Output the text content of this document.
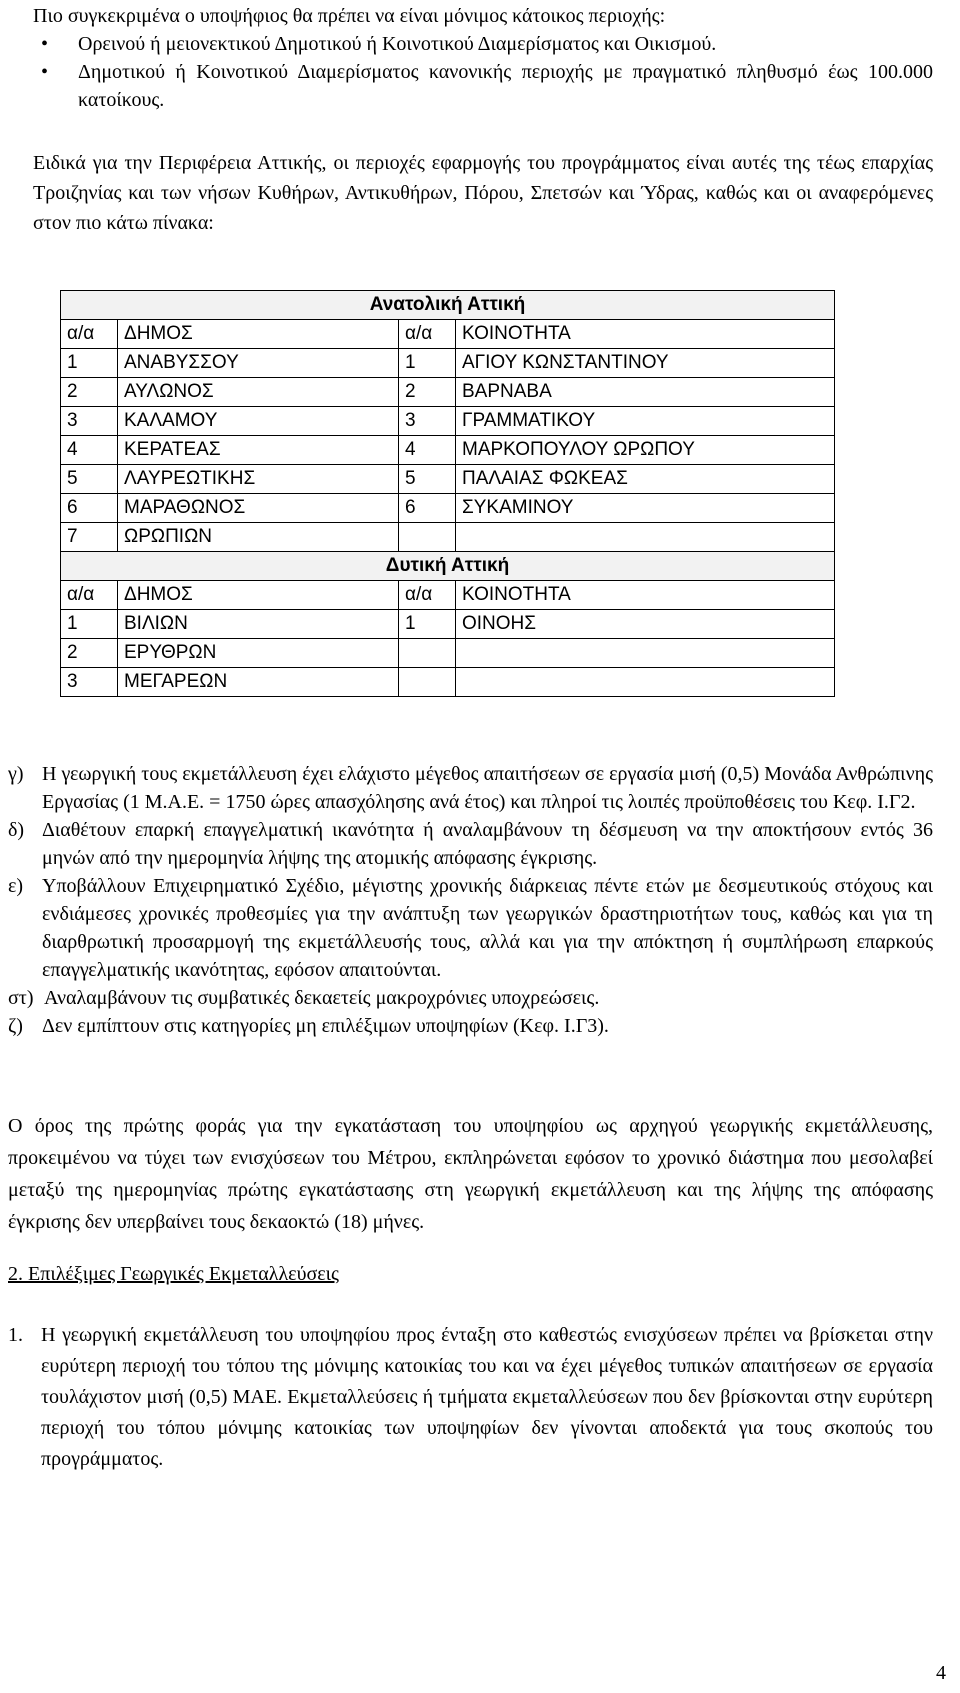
Πιο συγκεκριμένα ο υποψήφιος θα πρέπει να είναι μόνιμος κάτοικος περιοχής:

• Ορεινού ή μειονεκτικού Δημοτικού ή Κοινοτικού Διαμερίσματος και Οικισμού.
• Δημοτικού ή Κοινοτικού Διαμερίσματος κανονικής περιοχής με πραγματικό πληθυσμό έως 100.000 κατοίκους.

Ειδικά για την Περιφέρεια Αττικής, οι περιοχές εφαρμογής του προγράμματος είναι αυτές της τέως επαρχίας Τροιζηνίας και των νήσων Κυθήρων, Αντικυθήρων, Πόρου, Σπετσών και Ύδρας, καθώς και οι αναφερόμενες στον πιο κάτω πίνακα:

Ανατολική Αττική			
α/α	ΔΗΜΟΣ	α/α	ΚΟΙΝΟΤΗΤΑ
1	ΑΝΑΒΥΣΣΟΥ	1	ΑΓΙΟΥ ΚΩΝΣΤΑΝΤΙΝΟΥ
2	ΑΥΛΩΝΟΣ	2	ΒΑΡΝΑΒΑ
3	ΚΑΛΑΜΟΥ	3	ΓΡΑΜΜΑΤΙΚΟΥ
4	ΚΕΡΑΤΕΑΣ	4	ΜΑΡΚΟΠΟΥΛΟΥ ΩΡΩΠΟΥ
5	ΛΑΥΡΕΩΤΙΚΗΣ	5	ΠΑΛΑΙΑΣ ΦΩΚΕΑΣ
6	ΜΑΡΑΘΩΝΟΣ	6	ΣΥΚΑΜΙΝΟΥ
7	ΩΡΩΠΙΩΝ		
Δυτική Αττική			
α/α	ΔΗΜΟΣ	α/α	ΚΟΙΝΟΤΗΤΑ
1	ΒΙΛΙΩΝ	1	ΟΙΝΟΗΣ
2	ΕΡΥΘΡΩΝ		
3	ΜΕΓΑΡΕΩΝ		
γ) Η γεωργική τους εκμετάλλευση έχει ελάχιστο μέγεθος απαιτήσεων σε εργασία μισή (0,5) Μονάδα Ανθρώπινης Εργασίας (1 Μ.Α.Ε. = 1750 ώρες απασχόλησης ανά έτος) και πληροί τις λοιπές προϋποθέσεις του Κεφ. Ι.Γ2.
δ) Διαθέτουν επαρκή επαγγελματική ικανότητα ή αναλαμβάνουν τη δέσμευση να την αποκτήσουν εντός 36 μηνών από την ημερομηνία λήψης της ατομικής απόφασης έγκρισης.
ε) Υποβάλλουν Επιχειρηματικό Σχέδιο, μέγιστης χρονικής διάρκειας πέντε ετών με δεσμευτικούς στόχους και ενδιάμεσες χρονικές προθεσμίες για την ανάπτυξη των γεωργικών δραστηριοτήτων τους, καθώς και για τη διαρθρωτική προσαρμογή της εκμετάλλευσής τους, αλλά και για την απόκτηση ή συμπλήρωση επαρκούς επαγγελματικής ικανότητας, εφόσον απαιτούνται.
στ) Αναλαμβάνουν τις συμβατικές δεκαετείς μακροχρόνιες υποχρεώσεις.
ζ) Δεν εμπίπτουν στις κατηγορίες μη επιλέξιμων υποψηφίων (Κεφ. Ι.Γ3).

Ο όρος της πρώτης φοράς για την εγκατάσταση του υποψηφίου ως αρχηγού γεωργικής εκμετάλλευσης, προκειμένου να τύχει των ενισχύσεων του Μέτρου, εκπληρώνεται εφόσον το χρονικό διάστημα που μεσολαβεί μεταξύ της ημερομηνίας πρώτης εγκατάστασης στη γεωργική εκμετάλλευση και της λήψης της απόφασης έγκρισης δεν υπερβαίνει τους δεκαοκτώ (18) μήνες.

2. Επιλέξιμες Γεωργικές Εκμεταλλεύσεις

1. Η γεωργική εκμετάλλευση του υποψηφίου προς ένταξη στο καθεστώς ενισχύσεων πρέπει να βρίσκεται στην ευρύτερη περιοχή του τόπου της μόνιμης κατοικίας του και να έχει μέγεθος τυπικών απαιτήσεων σε εργασία τουλάχιστον μισή (0,5) ΜΑΕ. Εκμεταλλεύσεις ή τμήματα εκμεταλλεύσεων που δεν βρίσκονται στην ευρύτερη περιοχή του τόπου μόνιμης κατοικίας των υποψηφίων δεν γίνονται αποδεκτά για τους σκοπούς του προγράμματος.
4
